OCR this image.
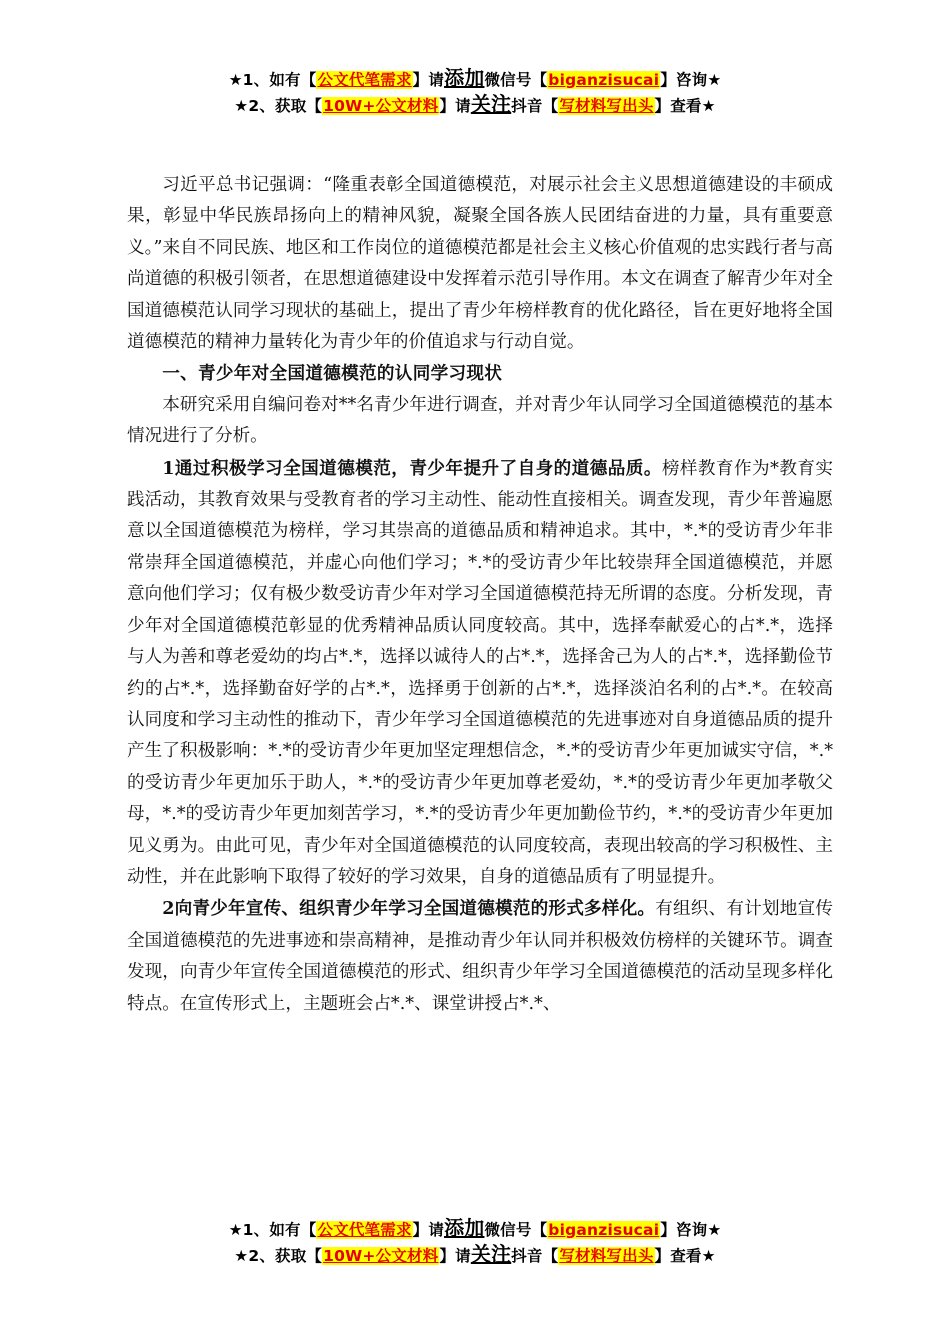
★1、如有【公文代笔需求】请添加微信号【biganzisucai】咨询★
★2、获取【10W+公文材料】请关注抖音【写材料写出头】查看★

习近平总书记强调：“隆重表彰全国道德模范，对展示社会主义思想道德建设的丰硕成果，彰显中华民族昂扬向上的精神风貌，凝聚全国各族人民团结奋进的力量，具有重要意义。”来自不同民族、地区和工作岗位的道德模范都是社会主义核心价值观的忠实践行者与高尚道德的积极引领者，在思想道德建设中发挥着示范引导作用。本文在调查了解青少年对全国道德模范认同学习现状的基础上，提出了青少年榜样教育的优化路径，旨在更好地将全国道德模范的精神力量转化为青少年的价值追求与行动自觉。

一、青少年对全国道德模范的认同学习现状

本研究采用自编问卷对**名青少年进行调查，并对青少年认同学习全国道德模范的基本情况进行了分析。

1通过积极学习全国道德模范，青少年提升了自身的道德品质。榜样教育作为*教育实践活动，其教育效果与受教育者的学习主动性、能动性直接相关。调查发现，青少年普遍愿意以全国道德模范为榜样，学习其崇高的道德品质和精神追求。其中，*.*的受访青少年非常崇拜全国道德模范，并虚心向他们学习；*.*的受访青少年比较崇拜全国道德模范，并愿意向他们学习；仅有极少数受访青少年对学习全国道德模范持无所谓的态度。分析发现，青少年对全国道德模范彰显的优秀精神品质认同度较高。其中，选择奉献爱心的占*.*，选择与人为善和尊老爱幼的均占*.*，选择以诚待人的占*.*，选择舍己为人的占*.*，选择勤俭节约的占*.*，选择勤奋好学的占*.*，选择勇于创新的占*.*，选择淡泊名利的占*.*。在较高认同度和学习主动性的推动下，青少年学习全国道德模范的先进事迹对自身道德品质的提升产生了积极影响：*.*的受访青少年更加坚定理想信念，*.*的受访青少年更加诚实守信，*.*的受访青少年更加乐于助人，*.*的受访青少年更加尊老爱幼，*.*的受访青少年更加孝敬父母，*.*的受访青少年更加刻苦学习，*.*的受访青少年更加勤俭节约，*.*的受访青少年更加见义勇为。由此可见，青少年对全国道德模范的认同度较高，表现出较高的学习积极性、主动性，并在此影响下取得了较好的学习效果，自身的道德品质有了明显提升。

2向青少年宣传、组织青少年学习全国道德模范的形式多样化。有组织、有计划地宣传全国道德模范的先进事迹和崇高精神，是推动青少年认同并积极效仿榜样的关键环节。调查发现，向青少年宣传全国道德模范的形式、组织青少年学习全国道德模范的活动呈现多样化特点。在宣传形式上，主题班会占*.*、课堂讲授占*.*、

★1、如有【公文代笔需求】请添加微信号【biganzisucai】咨询★
★2、获取【10W+公文材料】请关注抖音【写材料写出头】查看★
